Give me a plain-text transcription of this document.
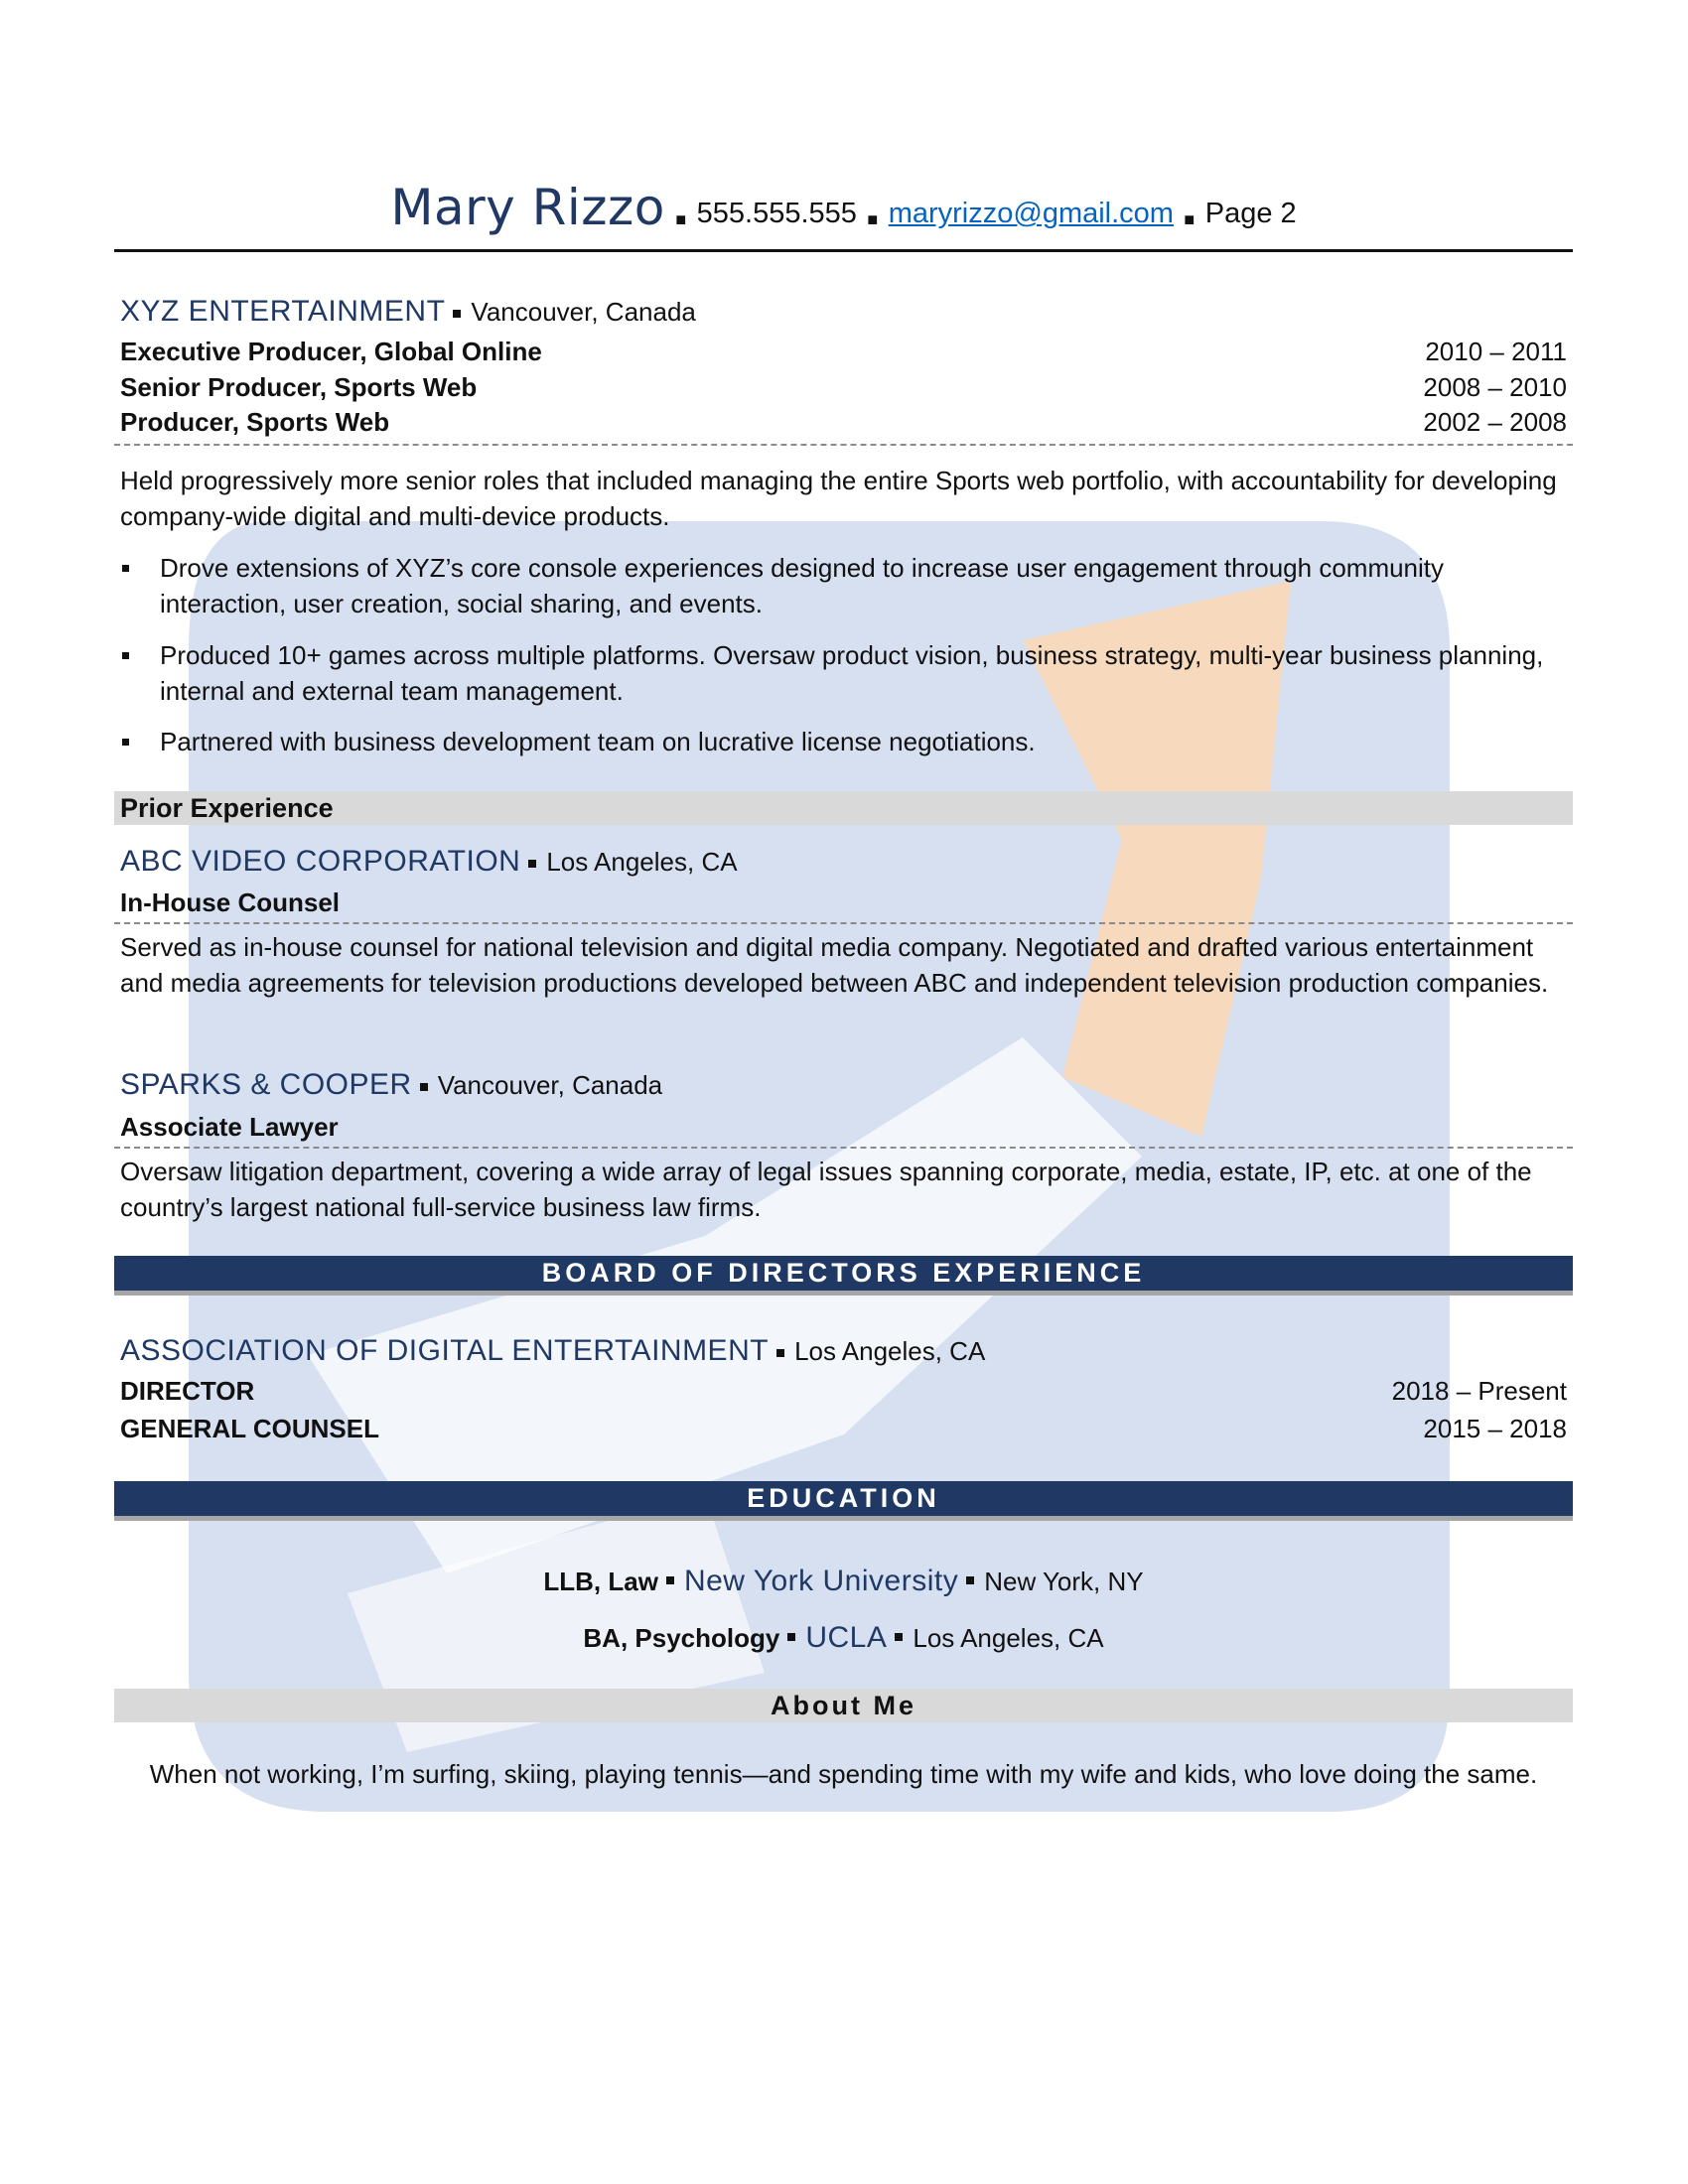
Mary Rizzo ■ 555.555.555 ■ maryrizzo@gmail.com ■ Page 2
XYZ ENTERTAINMENT Vancouver, Canada
Executive Producer, Global Online	2010 – 2011
Senior Producer, Sports Web	2008 – 2010
Producer, Sports Web	2002 – 2008
Held progressively more senior roles that included managing the entire Sports web portfolio, with accountability for developing company-wide digital and multi-device products.
Drove extensions of XYZ’s core console experiences designed to increase user engagement through community interaction, user creation, social sharing, and events.
Produced 10+ games across multiple platforms. Oversaw product vision, business strategy, multi-year business planning, internal and external team management.
Partnered with business development team on lucrative license negotiations.
Prior Experience
ABC VIDEO CORPORATION Los Angeles, CA
In-House Counsel
Served as in-house counsel for national television and digital media company. Negotiated and drafted various entertainment and media agreements for television productions developed between ABC and independent television production companies.
SPARKS & COOPER Vancouver, Canada
Associate Lawyer
Oversaw litigation department, covering a wide array of legal issues spanning corporate, media, estate, IP, etc. at one of the country’s largest national full-service business law firms.
BOARD OF DIRECTORS EXPERIENCE
ASSOCIATION OF DIGITAL ENTERTAINMENT Los Angeles, CA
DIRECTOR	2018 – Present
GENERAL COUNSEL	2015 – 2018
EDUCATION
LLB, Law New York University New York, NY
BA, Psychology UCLA Los Angeles, CA
About Me
When not working, I’m surfing, skiing, playing tennis—and spending time with my wife and kids, who love doing the same.
